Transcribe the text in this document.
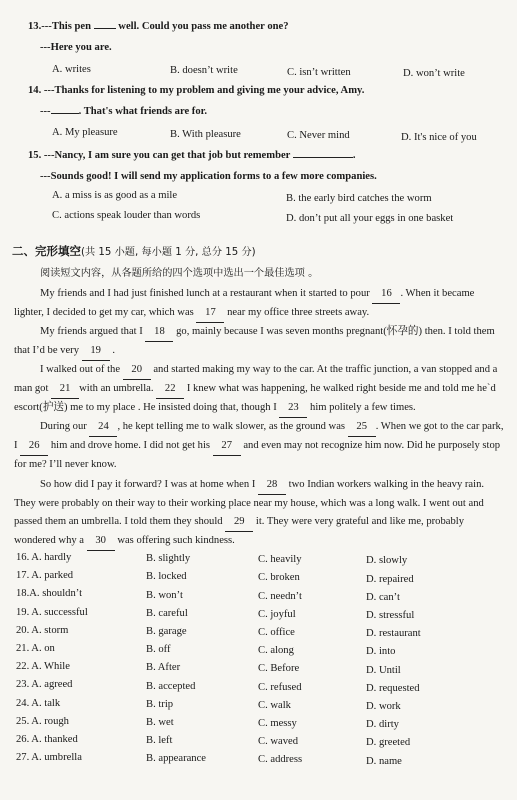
13.---This pen	well. Could you pass me another one?
---Here you are.
A. writes	B. doesn’t write	C. isn’t written	D. won’t write
14. ---Thanks for listening to my problem and giving me your advice, Amy.
---	. That's what friends are for.
A. My pleasure	B. With pleasure	C. Never mind	D. It's nice of you
15. ---Nancy, I am sure you can get that job but remember	.
---Sounds good! I will send my application forms to a few more companies.
A. a miss is as good as a mile	B. the early bird catches the worm
C. actions speak louder than words	D. don’t put all your eggs in one basket
二、完形填空(共 15 小题, 每小题 1 分, 总分 15 分)
阅读短文内容，从各题所给的四个选项中选出一个最佳选项 。
My friends and I had just finished lunch at a restaurant when it started to pour 16 . When it became lighter, I decided to get my car, which was 17 near my office three streets away.
My friends argued that I 18 go, mainly because I was seven months pregnant(怀孕的) then. I told them that I’d be very 19 .
I walked out of the 20 and started making my way to the car. At the traffic junction, a van stopped and a man got 21 with an umbrella. 22 I knew what was happening, he walked right beside me and told me he`d escort(护送) me to my place . He insisted doing that, though I 23 him politely a few times.
During our 24 , he kept telling me to walk slower, as the ground was 25 . When we got to the car park, I 26 him and drove home. I did not get his 27 and even may not recognize him now. Did he purposely stop for me? I’ll never know.
So how did I pay it forward? I was at home when I 28 two Indian workers walking in the heavy rain. They were probably on their way to their working place near my house, which was a long walk. I went out and passed them an umbrella. I told them they should 29 it. They were very grateful and like me, probably wondered why a 30 was offering such kindness.
16. A. hardly	B. slightly	C. heavily	D. slowly
17. A. parked	B. locked	C. broken	D. repaired
18.A. shouldn’t	B. won’t	C. needn’t	D. can’t
19. A. successful	B. careful	C. joyful	D. stressful
20. A. storm	B. garage	C. office	D. restaurant
21. A. on	B. off	C. along	D. into
22. A. While	B. After	C. Before	D. Until
23. A. agreed	B. accepted	C. refused	D. requested
24. A. talk	B. trip	C. walk	D. work
25. A. rough	B. wet	C. messy	D. dirty
26. A. thanked	B. left	C. waved	D. greeted
27. A. umbrella	B. appearance	C. address	D. name
